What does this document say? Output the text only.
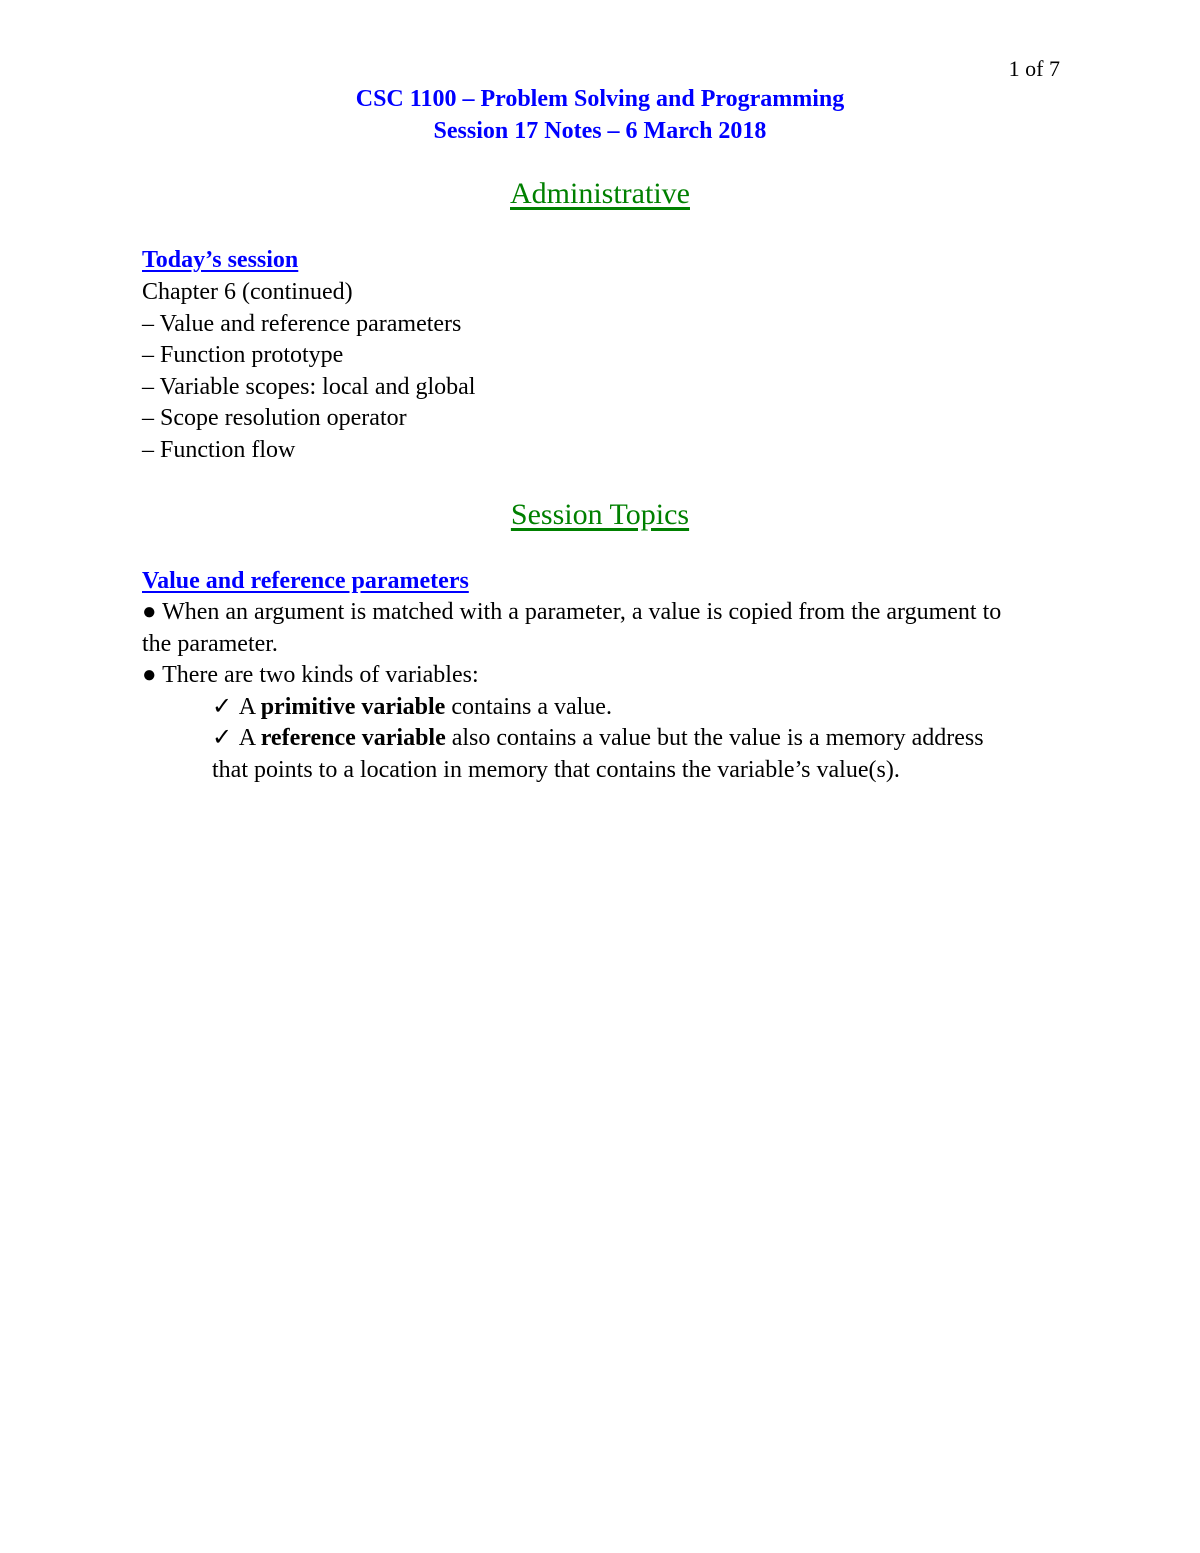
1 of 7
CSC 1100 – Problem Solving and Programming
Session 17 Notes – 6 March 2018
Administrative
Today’s session
Chapter 6 (continued)
– Value and reference parameters
– Function prototype
– Variable scopes: local and global
– Scope resolution operator
– Function flow
Session Topics
Value and reference parameters
● When an argument is matched with a parameter, a value is copied from the argument to the parameter.
● There are two kinds of variables:
✓ A primitive variable contains a value.
✓ A reference variable also contains a value but the value is a memory address that points to a location in memory that contains the variable’s value(s).
